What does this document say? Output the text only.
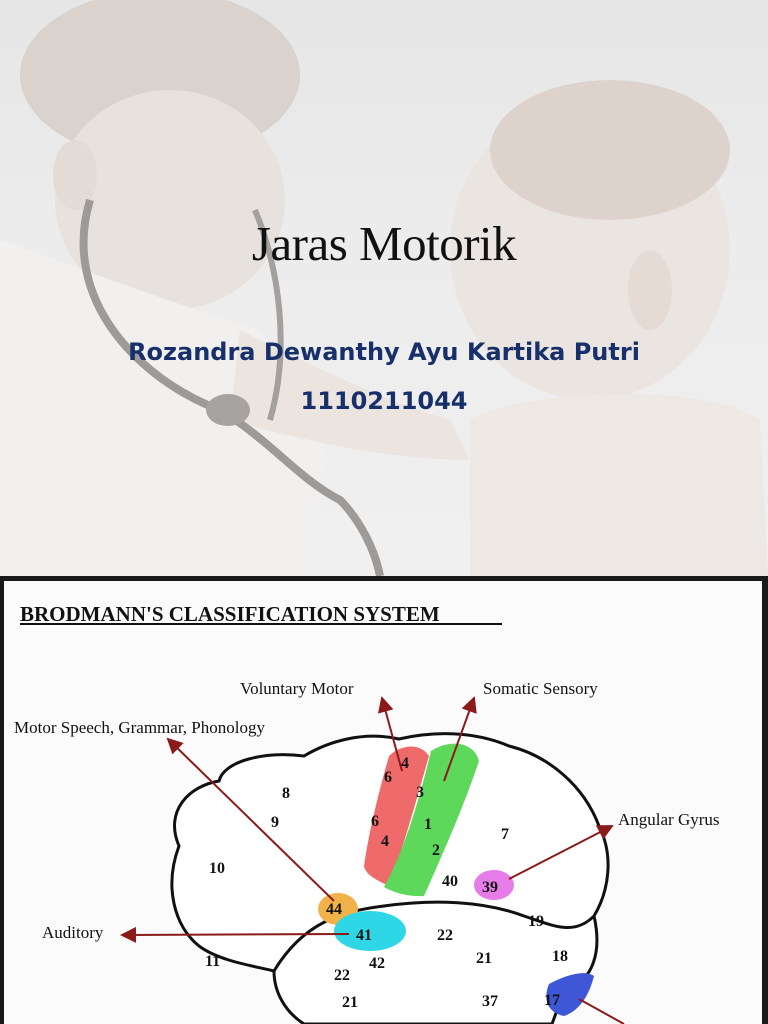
Jaras Motorik
Rozandra Dewanthy Ayu Kartika Putri
1110211044
BRODMANN'S CLASSIFICATION SYSTEM
Voluntary Motor	Somatic Sensory
Motor Speech, Grammar, Phonology
Angular Gyrus
Auditory
4
6
6
4
3
1
2
8
9
10
7
40 39
44
41
42
22
22
21
21
19
18
11
37	17
